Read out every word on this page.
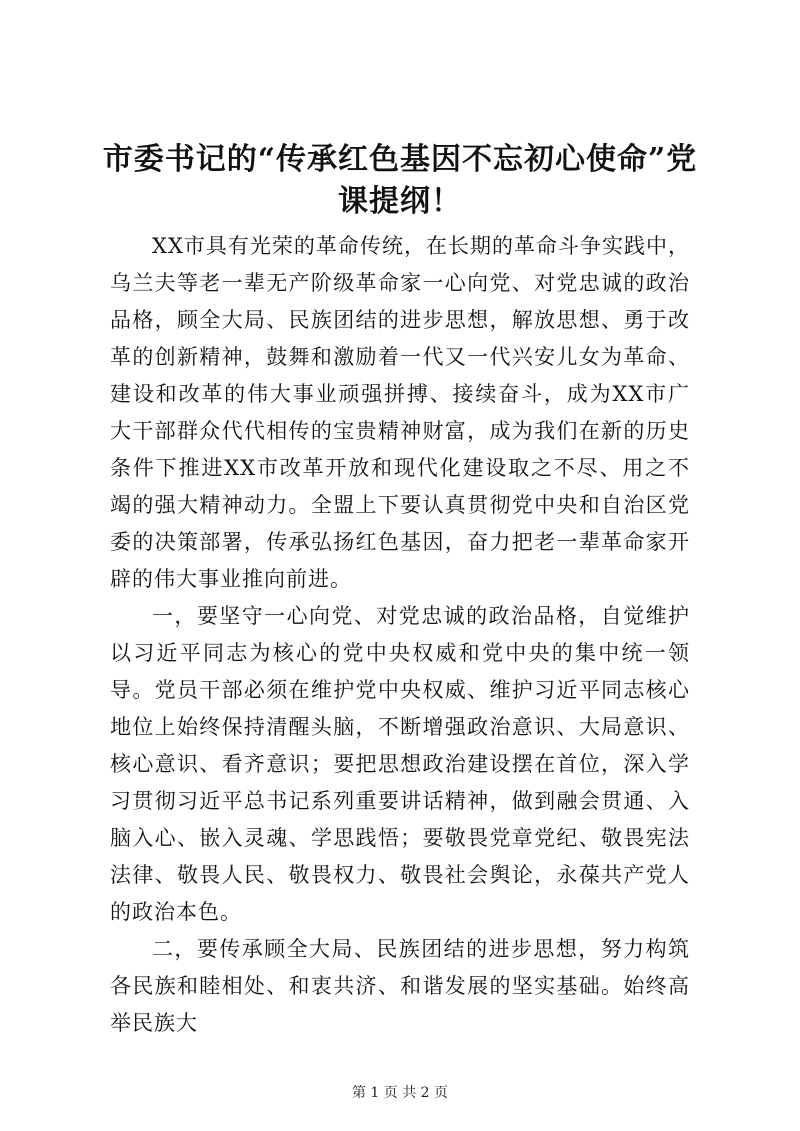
市委书记的“传承红色基因不忘初心使命”党课提纲！

XX市具有光荣的革命传统，在长期的革命斗争实践中，乌兰夫等老一辈无产阶级革命家一心向党、对党忠诚的政治品格，顾全大局、民族团结的进步思想，解放思想、勇于改革的创新精神，鼓舞和激励着一代又一代兴安儿女为革命、建设和改革的伟大事业顽强拼搏、接续奋斗，成为XX市广大干部群众代代相传的宝贵精神财富，成为我们在新的历史条件下推进XX市改革开放和现代化建设取之不尽、用之不竭的强大精神动力。全盟上下要认真贯彻党中央和自治区党委的决策部署，传承弘扬红色基因，奋力把老一辈革命家开辟的伟大事业推向前进。

一，要坚守一心向党、对党忠诚的政治品格，自觉维护以习近平同志为核心的党中央权威和党中央的集中统一领导。党员干部必须在维护党中央权威、维护习近平同志核心地位上始终保持清醒头脑，不断增强政治意识、大局意识、核心意识、看齐意识；要把思想政治建设摆在首位，深入学习贯彻习近平总书记系列重要讲话精神，做到融会贯通、入脑入心、嵌入灵魂、学思践悟；要敬畏党章党纪、敬畏宪法法律、敬畏人民、敬畏权力、敬畏社会舆论，永葆共产党人的政治本色。

二，要传承顾全大局、民族团结的进步思想，努力构筑各民族和睦相处、和衷共济、和谐发展的坚实基础。始终高举民族大

第 1 页 共 2 页
